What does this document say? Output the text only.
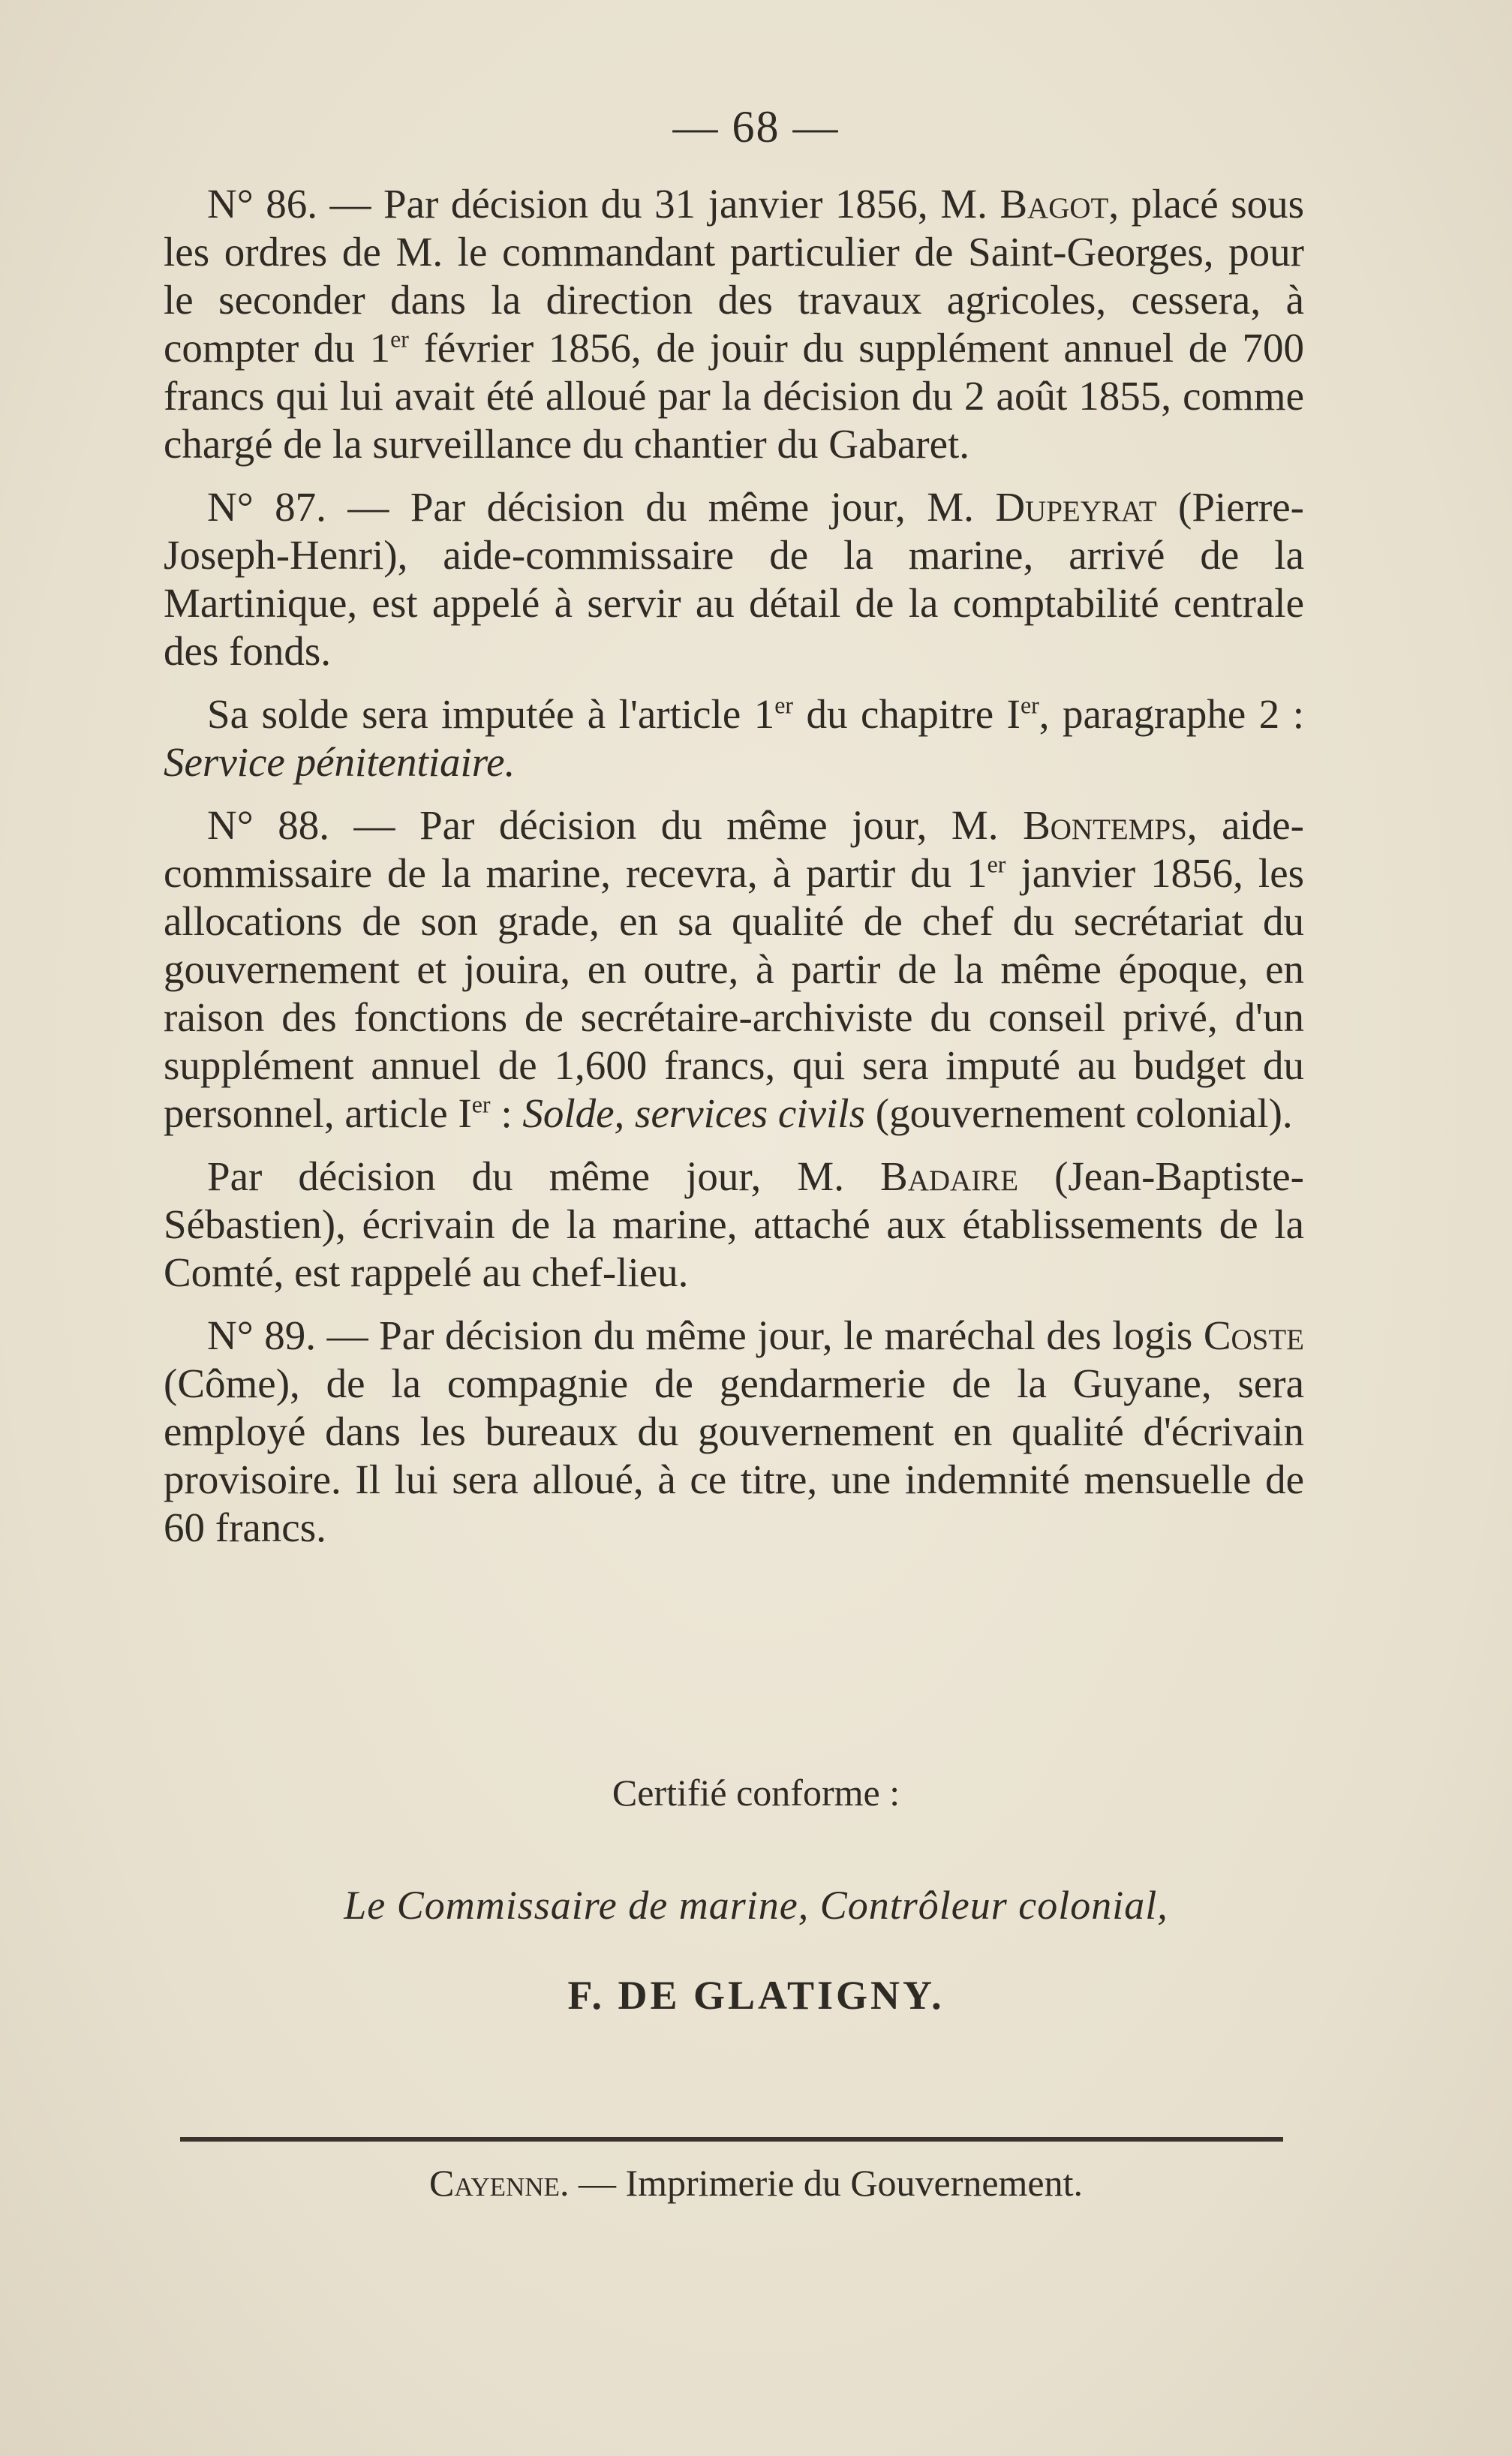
— 68 —

N° 86. — Par décision du 31 janvier 1856, M. Bagot, placé sous les ordres de M. le commandant particulier de Saint-Georges, pour le seconder dans la direction des travaux agricoles, cessera, à compter du 1er février 1856, de jouir du supplément annuel de 700 francs qui lui avait été alloué par la décision du 2 août 1855, comme chargé de la surveillance du chantier du Gabaret.

N° 87. — Par décision du même jour, M. Dupeyrat (Pierre-Joseph-Henri), aide-commissaire de la marine, arrivé de la Martinique, est appelé à servir au détail de la comptabilité centrale des fonds.

Sa solde sera imputée à l'article 1er du chapitre Ier, paragraphe 2 : Service pénitentiaire.

N° 88. — Par décision du même jour, M. Bontemps, aide-commissaire de la marine, recevra, à partir du 1er janvier 1856, les allocations de son grade, en sa qualité de chef du secrétariat du gouvernement et jouira, en outre, à partir de la même époque, en raison des fonctions de secrétaire-archiviste du conseil privé, d'un supplément annuel de 1,600 francs, qui sera imputé au budget du personnel, article Ier : Solde, services civils (gouvernement colonial).

Par décision du même jour, M. Badaire (Jean-Baptiste-Sébastien), écrivain de la marine, attaché aux établissements de la Comté, est rappelé au chef-lieu.

N° 89. — Par décision du même jour, le maréchal des logis Coste (Côme), de la compagnie de gendarmerie de la Guyane, sera employé dans les bureaux du gouvernement en qualité d'écrivain provisoire. Il lui sera alloué, à ce titre, une indemnité mensuelle de 60 francs.

Certifié conforme :
Le Commissaire de marine, Contrôleur colonial,
F. DE GLATIGNY.
Cayenne. — Imprimerie du Gouvernement.
